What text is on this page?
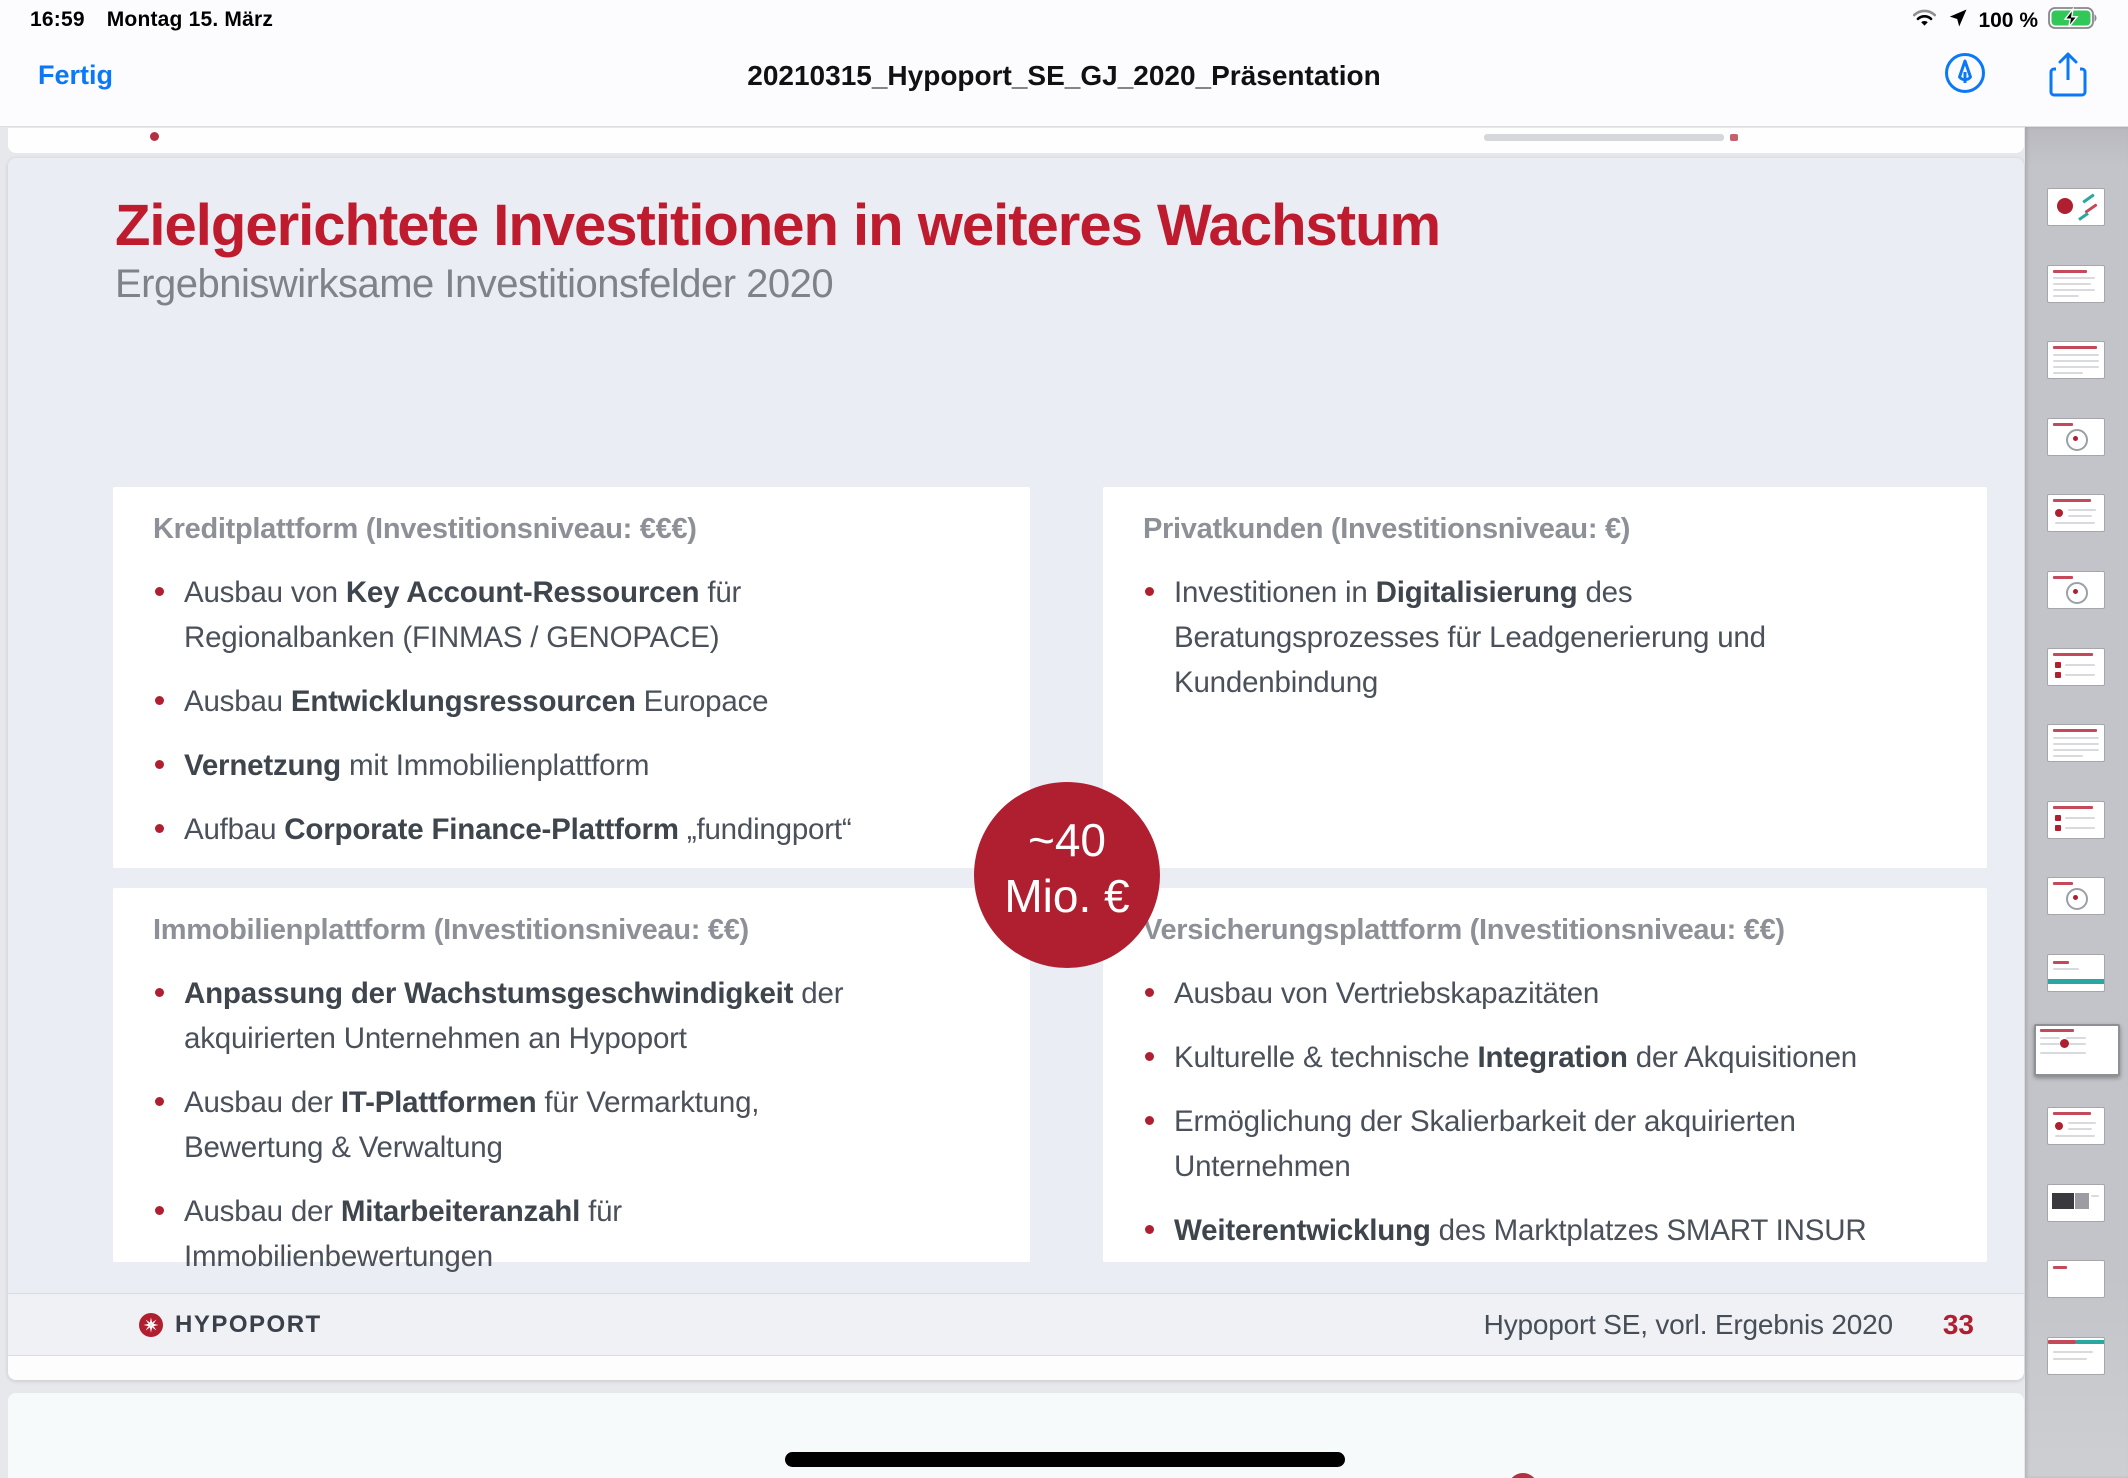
16:59 Montag 15. März	100 %
Fertig	20210315_Hypoport_SE_GJ_2020_Präsentation
Zielgerichtete Investitionen in weiteres Wachstum
Ergebniswirksame Investitionsfelder 2020
Kreditplattform (Investitionsniveau: €€€)
Ausbau von Key Account-Ressourcen für
Regionalbanken (FINMAS / GENOPACE)
Ausbau Entwicklungsressourcen Europace
Vernetzung mit Immobilienplattform
Aufbau Corporate Finance-Plattform „fundingport“
Privatkunden (Investitionsniveau: €)
Investitionen in Digitalisierung des
Beratungsprozesses für Leadgenerierung und
Kundenbindung
Immobilienplattform (Investitionsniveau: €€)
Anpassung der Wachstumsgeschwindigkeit der
akquirierten Unternehmen an Hypoport
Ausbau der IT-Plattformen für Vermarktung,
Bewertung & Verwaltung
Ausbau der Mitarbeiteranzahl für
Immobilienbewertungen
Versicherungsplattform (Investitionsniveau: €€)
Ausbau von Vertriebskapazitäten
Kulturelle & technische Integration der Akquisitionen
Ermöglichung der Skalierbarkeit der akquirierten
Unternehmen
Weiterentwicklung des Marktplatzes SMART INSUR
~40
Mio. €
HYPOPORT	Hypoport SE, vorl. Ergebnis 2020 33
